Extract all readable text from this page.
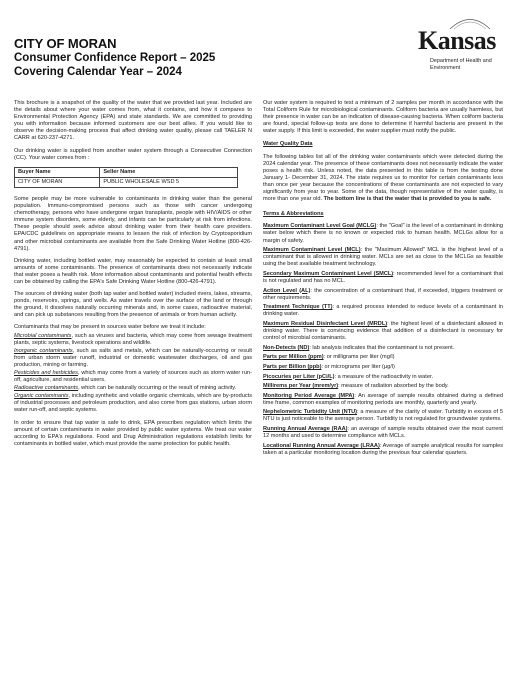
CITY OF MORAN
Consumer Confidence Report – 2025
Covering Calendar Year – 2024
Kansas
Department of Health and Environment

This brochure is a snapshot of the quality of the water that we provided last year. Included are the details about where your water comes from, what it contains, and how it compares to Environmental Protection Agency (EPA) and state standards. We are committed to providing you with information because informed customers are our best allies. If you would like to observe the decision-making process that affect drinking water quality, please call TAELER N CARR at 620-237-4271.

Our drinking water is supplied from another water system through a Consecutive Connection (CC). Your water comes from :

Buyer Name	Seller Name
CITY OF MORAN	PUBLIC WHOLESALE WSD 5

Some people may be more vulnerable to contaminants in drinking water than the general population. Immuno-compromised persons such as those with cancer undergoing chemotherapy, persons who have undergone organ transplants, people with HIV/AIDS or other immune system disorders, some elderly, and infants can be particularly at risk from infections. These people should seek advice about drinking water from their health care providers. EPA/CDC guidelines on appropriate means to lessen the risk of infection by Cryptosporidium and other microbial contaminants are available from the Safe Drinking Water Hotline (800-426-4791).

Drinking water, including bottled water, may reasonably be expected to contain at least small amounts of some contaminants. The presence of contaminants does not necessarily indicate that water poses a health risk. More information about contaminants and potential health effects can be obtained by calling the EPA's Safe Drinking Water Hotline (800-426-4791).

The sources of drinking water (both tap water and bottled water) included rivers, lakes, streams, ponds, reservoirs, springs, and wells. As water travels over the surface of the land or through the ground, it dissolves naturally occurring minerals and, in some cases, radioactive material, and can pick up substances resulting from the presence of animals or from human activity.

Contaminants that may be present in sources water before we treat it include:

Microbial contaminants, such as viruses and bacteria, which may come from sewage treatment plants, septic systems, livestock operations and wildlife.

Inorganic contaminants, such as salts and metals, which can be naturally-occurring or result from urban storm water runoff, industrial or domestic wastewater discharges, oil and gas production, mining or farming.

Pesticides and herbicides, which may come from a variety of sources such as storm water run-off, agriculture, and residential users.

Radioactive contaminants, which can be naturally occurring or the result of mining activity.

Organic contaminants, including synthetic and volatile organic chemicals, which are by-products of industrial processes and petroleum production, and also come from gas stations, urban storm water run-off, and septic systems.

In order to ensure that tap water is safe to drink, EPA prescribes regulation which limits the amount of certain contaminants in water provided by public water systems. We treat our water according to EPA's regulations. Food and Drug Administration regulations establish limits for contaminants in bottled water, which must provide the same protection for public health.

Our water system is required to test a minimum of 2 samples per month in accordance with the Total Coliform Rule for microbiological contaminants. Coliform bacteria are usually harmless, but their presence in water can be an indication of disease-causing bacteria. When coliform bacteria are found, special follow-up tests are done to determine if harmful bacteria are present in the water supply. If this limit is exceeded, the water supplier must notify the public.

Water Quality Data

The following tables list all of the drinking water contaminants which were detected during the 2024 calendar year. The presence of these contaminants does not necessarily indicate the water poses a health risk. Unless noted, the data presented in this table is from the testing done January 1- December 31, 2024. The state requires us to monitor for certain contaminants less than once per year because the concentrations of these contaminants are not expected to vary significantly from year to year. Some of the data, though representative of the water quality, is more than one year old. The bottom line is that the water that is provided to you is safe.

Terms & Abbreviations

Maximum Contaminant Level Goal (MCLG): the "Goal" is the level of a contaminant in drinking water below which there is no known or expected risk to human health. MCLGs allow for a margin of safety.

Maximum Contaminant Level (MCL): the "Maximum Allowed" MCL is the highest level of a contaminant that is allowed in drinking water. MCLs are set as close to the MCLGs as feasible using the best available treatment technology.

Secondary Maximum Contaminant Level (SMCL): recommended level for a contaminant that is not regulated and has no MCL.

Action Level (AL): the concentration of a contaminant that, if exceeded, triggers treatment or other requirements.

Treatment Technique (TT): a required process intended to reduce levels of a contaminant in drinking water.

Maximum Residual Disinfectant Level (MRDL): the highest level of a disinfectant allowed in drinking water. There is convincing evidence that addition of a disinfectant is necessary for control of microbial contaminants.

Non-Detects (ND): lab analysis indicates that the contaminant is not present.

Parts per Million (ppm): or milligrams per liter (mg/l)

Parts per Billion (ppb): or micrograms per liter (µg/l)

Picocuries per Liter (pCi/L): a measure of the radioactivity in water.

Millirems per Year (mrem/yr): measure of radiation absorbed by the body.

Monitoring Period Average (MPA): An average of sample results obtained during a defined time frame, common examples of monitoring periods are monthly, quarterly and yearly.

Nephelometric Turbidity Unit (NTU): a measure of the clarity of water. Turbidity in excess of 5 NTU is just noticeable to the average person. Turbidity is not regulated for groundwater systems.

Running Annual Average (RAA): an average of sample results obtained over the most current 12 months and used to determine compliance with MCLs.

Locational Running Annual Average (LRAA): Average of sample analytical results for samples taken at a particular monitoring location during the previous four calendar quarters.
